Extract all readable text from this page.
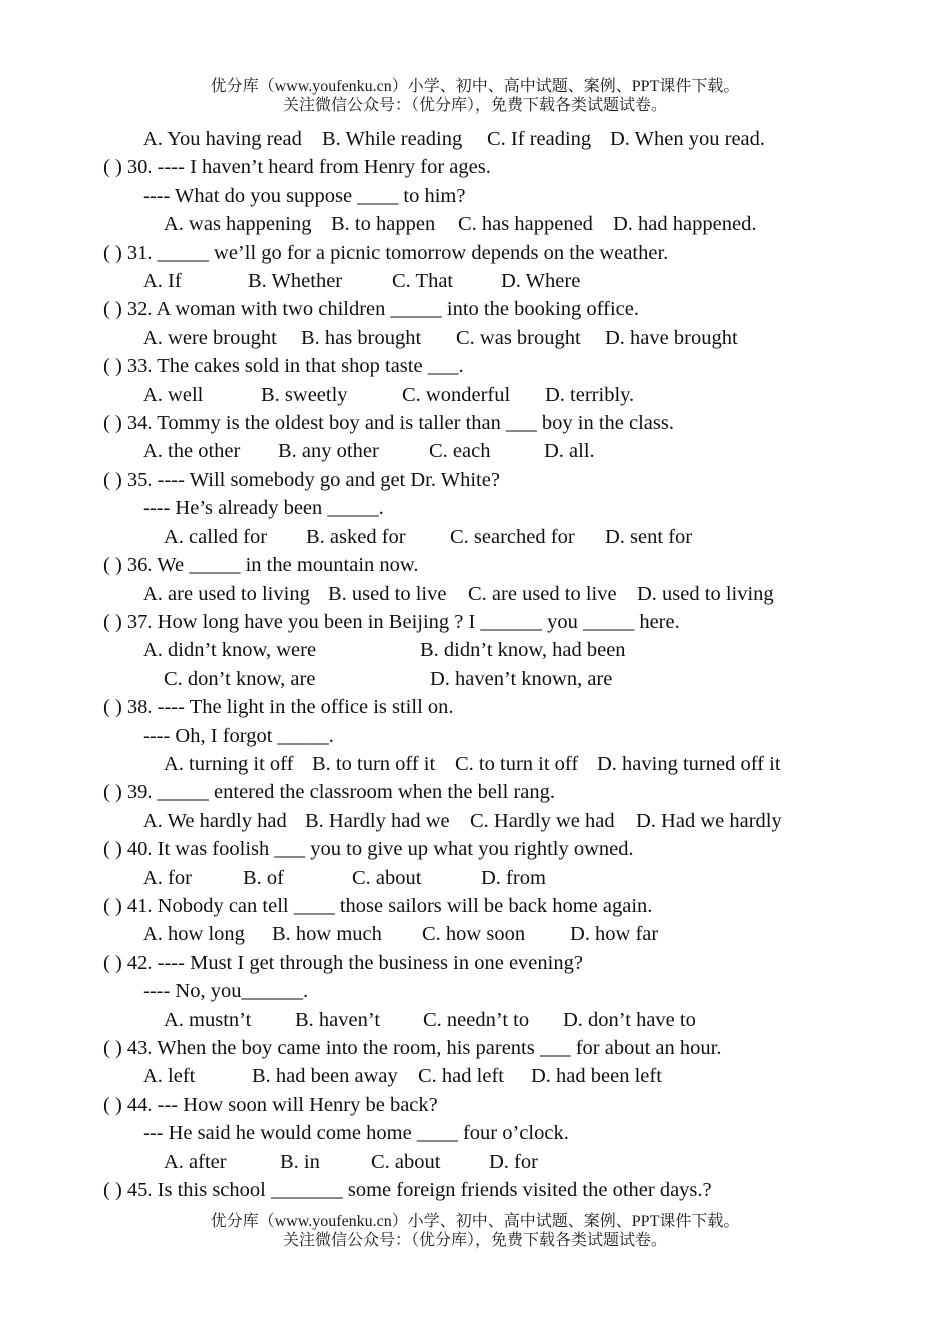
优分库（www.youfenku.cn）小学、初中、高中试题、案例、PPT课件下载。
关注微信公众号：（优分库），免费下载各类试题试卷。
A. You having read B. While reading C. If reading D. When you read.
( ) 30. ---- I haven’t heard from Henry for ages.
---- What do you suppose ____ to him?
A. was happening B. to happen C. has happened D. had happened.
( ) 31. _____ we’ll go for a picnic tomorrow depends on the weather.
A. If	B. Whether C. That D. Where
( ) 32. A woman with two children _____ into the booking office.
A. were brought B. has brought C. was brought D. have brought
( ) 33. The cakes sold in that shop taste ___.
A. well	B. sweetly	C. wonderful D. terribly.
( ) 34. Tommy is the oldest boy and is taller than ___ boy in the class.
A. the other B. any other C. each	D. all.
( ) 35. ---- Will somebody go and get Dr. White?
---- He’s already been _____.
A. called for B. asked for C. searched for D. sent for
( ) 36. We _____ in the mountain now.
A. are used to living B. used to live C. are used to live D. used to living
( ) 37. How long have you been in Beijing ? I ______ you _____ here.
A. didn’t know, were	B. didn’t know, had been
C. don’t know, are	D. haven’t known, are
( ) 38. ---- The light in the office is still on.
---- Oh, I forgot _____.
A. turning it off B. to turn off it C. to turn it off D. having turned off it
( ) 39. _____ entered the classroom when the bell rang.
A. We hardly had B. Hardly had we C. Hardly we had D. Had we hardly
( ) 40. It was foolish ___ you to give up what you rightly owned.
A. for B. of	C. about	D. from
( ) 41. Nobody can tell ____ those sailors will be back home again.
A. how long B. how much C. how soon D. how far
( ) 42. ---- Must I get through the business in one evening?
---- No, you______.
A. mustn’t B. haven’t C. needn’t to D. don’t have to
( ) 43. When the boy came into the room, his parents ___ for about an hour.
A. left	B. had been away C. had left D. had been left
( ) 44. --- How soon will Henry be back?
--- He said he would come home ____ four o’clock.
A. after	B. in C. about D. for
( ) 45. Is this school _______ some foreign friends visited the other days.?
优分库（www.youfenku.cn）小学、初中、高中试题、案例、PPT课件下载。
关注微信公众号：（优分库），免费下载各类试题试卷。
